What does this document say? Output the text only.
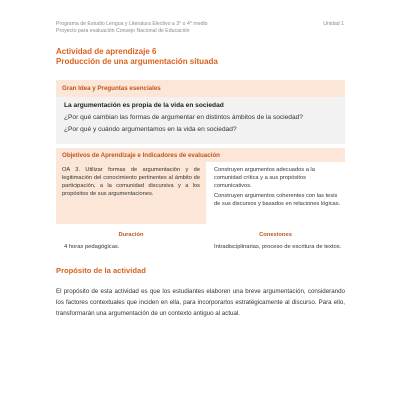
Programa de Estudio Lengua y Literatura Electivo a 3° o 4° medio
Proyecto para evaluación Consejo Nacional de Educación
Unidad 1
Actividad de aprendizaje 6
Producción de una argumentación situada
Gran Idea y Preguntas esenciales
La argumentación es propia de la vida en sociedad
¿Por qué cambian las formas de argumentar en distintos ámbitos de la sociedad?
¿Por qué y cuándo argumentamos en la vida en sociedad?
Objetivos de Aprendizaje e Indicadores de evaluación
OA 3. Utilizar formas de argumentación y de legitimación del conocimiento pertinentes al ámbito de participación, a la comunidad discursiva y a los propósitos de sus argumentaciones.

Construyen argumentos adecuados a la comunidad crítica y a sus propósitos comunicativos.

Construyen argumentos coherentes con las tesis de sus discursos y basados en relaciones lógicas.

Duración	Conexiones
4 horas pedagógicas.	Intradisciplinarias, proceso de escritura de textos.
Propósito de la actividad
El propósito de esta actividad es que los estudiantes elaboren una breve argumentación, considerando los factores contextuales que inciden en ella, para incorporarlos estratégicamente al discurso. Para ello, transformarán una argumentación de un contexto antiguo al actual.
